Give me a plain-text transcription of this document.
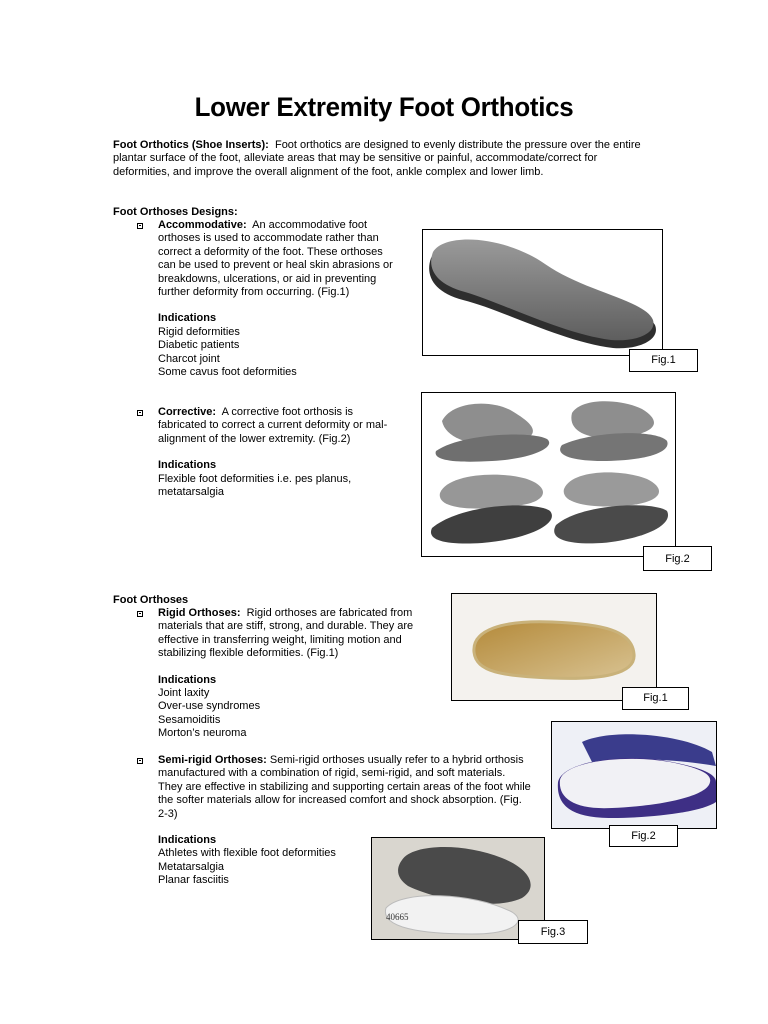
Lower Extremity Foot Orthotics

Foot Orthotics (Shoe Inserts): Foot orthotics are designed to evenly distribute the pressure over the entire

plantar surface of the foot, alleviate areas that may be sensitive or painful, accommodate/correct for

deformities, and improve the overall alignment of the foot, ankle complex and lower limb.

Foot Orthoses Designs:

Accommodative: An accommodative foot

orthoses is used to accommodate rather than

correct a deformity of the foot. These orthoses

can be used to prevent or heal skin abrasions or

breakdowns, ulcerations, or aid in preventing

further deformity from occurring. (Fig.1)

Indications

Rigid deformities

Diabetic patients

Charcot joint

Some cavus foot deformities

Fig.1

Corrective: A corrective foot orthosis is

fabricated to correct a current deformity or mal-

alignment of the lower extremity. (Fig.2)

Indications

Flexible foot deformities i.e. pes planus,

metatarsalgia

Fig.2
Foot Orthoses

Rigid Orthoses: Rigid orthoses are fabricated from

materials that are stiff, strong, and durable. They are

effective in transferring weight, limiting motion and

stabilizing flexible deformities. (Fig.1)

Indications

Joint laxity

Over-use syndromes

Sesamoiditis

Morton’s neuroma

Fig.1
Fig.2

Semi-rigid Orthoses: Semi-rigid orthoses usually refer to a hybrid orthosis

manufactured with a combination of rigid, semi-rigid, and soft materials.

They are effective in stabilizing and supporting certain areas of the foot while

the softer materials allow for increased comfort and shock absorption. (Fig.

2-3)

Indications

Athletes with flexible foot deformities

Metatarsalgia

Planar fasciitis

40665
Fig.3
